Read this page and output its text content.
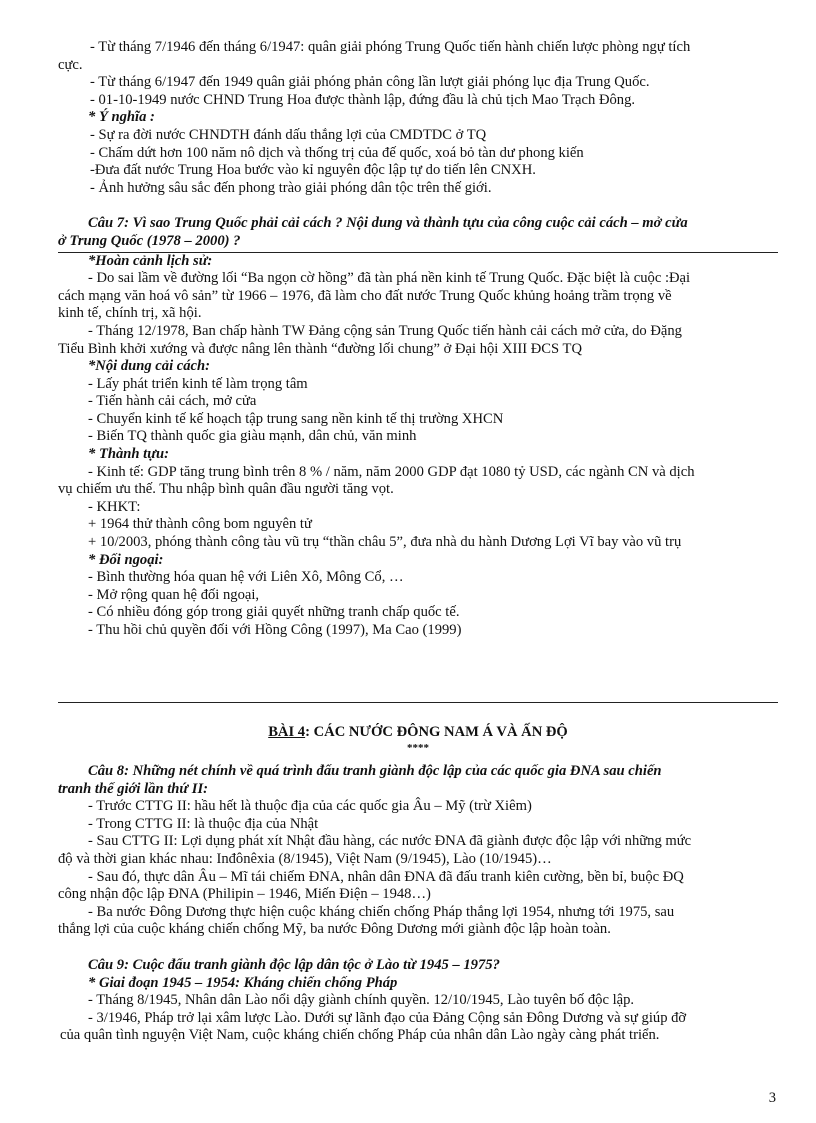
- Từ tháng 7/1946 đến tháng 6/1947: quân giải phóng Trung Quốc tiến hành chiến lược phòng ngự tích
cực.
- Từ tháng 6/1947 đến 1949 quân giải phóng phản công lần lượt giải phóng lục địa Trung Quốc.
- 01-10-1949 nước CHND Trung Hoa được thành lập, đứng đầu là chủ tịch Mao Trạch Đông.
* Ý nghĩa :
- Sự ra đời nước CHNDTH đánh dấu thắng lợi của CMDTDC ở TQ
- Chấm dứt hơn 100 năm nô dịch và thống trị của đế quốc, xoá bỏ tàn dư phong kiến
-Đưa đất nước Trung Hoa bước vào kỉ nguyên độc lập tự do tiến lên CNXH.
- Ảnh hưởng sâu sắc đến phong trào giải phóng dân tộc trên thế giới.
Câu 7: Vì sao Trung Quốc phải cải cách ? Nội dung và thành tựu của công cuộc cải cách – mở cửa
ở Trung Quốc (1978 – 2000) ?
*Hoàn cảnh lịch sử:
- Do sai lầm về đường lối “Ba ngọn cờ hồng” đã tàn phá nền kinh tế Trung Quốc. Đặc biệt là cuộc :Đại
cách mạng văn hoá vô sản” từ 1966 – 1976, đã làm cho đất nước Trung Quốc khủng hoảng trầm trọng về
kinh tế, chính trị, xã hội.
- Tháng 12/1978, Ban chấp hành TW Đảng cộng sản Trung Quốc tiến hành cải cách mở cửa, do Đặng
Tiểu Bình khởi xướng và được nâng lên thành “đường lối chung” ở Đại hội XIII ĐCS TQ
*Nội dung cải cách:
- Lấy phát triển kinh tế làm trọng tâm
- Tiến hành cải cách, mở cửa
- Chuyển kinh tế kế hoạch tập trung sang nền kinh tế thị trường XHCN
- Biến TQ thành quốc gia giàu mạnh, dân chủ, văn minh
* Thành tựu:
- Kinh tế: GDP tăng trung bình trên 8 % / năm, năm 2000 GDP đạt 1080 tỷ USD, các ngành CN và dịch
vụ chiếm ưu thế. Thu nhập bình quân đầu người tăng vọt.
- KHKT:
+ 1964 thử thành công bom nguyên tử
+ 10/2003, phóng thành công tàu vũ trụ “thần châu 5”, đưa nhà du hành Dương Lợi Vĩ bay vào vũ trụ
* Đối ngoại:
- Bình thường hóa quan hệ với Liên Xô, Mông Cổ, …
- Mở rộng quan hệ đối ngoại,
- Có nhiều đóng góp trong giải quyết những tranh chấp quốc tế.
- Thu hồi chủ quyền đối với Hồng Công (1997), Ma Cao (1999)
BÀI 4: CÁC NƯỚC ĐÔNG NAM Á VÀ ẤN ĐỘ
****
Câu 8: Những nét chính về quá trình đấu tranh giành độc lập của các quốc gia ĐNA sau chiến
tranh thế giới lần thứ II:
- Trước CTTG II: hầu hết là thuộc địa của các quốc gia Âu – Mỹ (trừ Xiêm)
- Trong CTTG II: là thuộc địa của Nhật
- Sau CTTG II: Lợi dụng phát xít Nhật đầu hàng, các nước ĐNA đã giành được độc lập với những mức
độ và thời gian khác nhau: Inđônêxia (8/1945), Việt Nam (9/1945), Lào (10/1945)…
- Sau đó, thực dân Âu – Mĩ tái chiếm ĐNA, nhân dân ĐNA đã đấu tranh kiên cường, bền bỉ, buộc ĐQ
công nhận độc lập ĐNA (Philipin – 1946, Miến Điện – 1948…)
- Ba nước Đông Dương thực hiện cuộc kháng chiến chống Pháp thắng lợi 1954, nhưng tới 1975, sau
thắng lợi của cuộc kháng chiến chống Mỹ, ba nước Đông Dương mới giành độc lập hoàn toàn.
Câu 9: Cuộc đấu tranh giành độc lập dân tộc ở Lào từ 1945 – 1975?
* Giai đoạn 1945 – 1954: Kháng chiến chống Pháp
- Tháng 8/1945, Nhân dân Lào nổi dậy giành chính quyền. 12/10/1945, Lào tuyên bố độc lập.
- 3/1946, Pháp trở lại xâm lược Lào. Dưới sự lãnh đạo của Đảng Cộng sản Đông Dương và sự giúp đỡ
của quân tình nguyện Việt Nam, cuộc kháng chiến chống Pháp của nhân dân Lào ngày càng phát triển.
3
